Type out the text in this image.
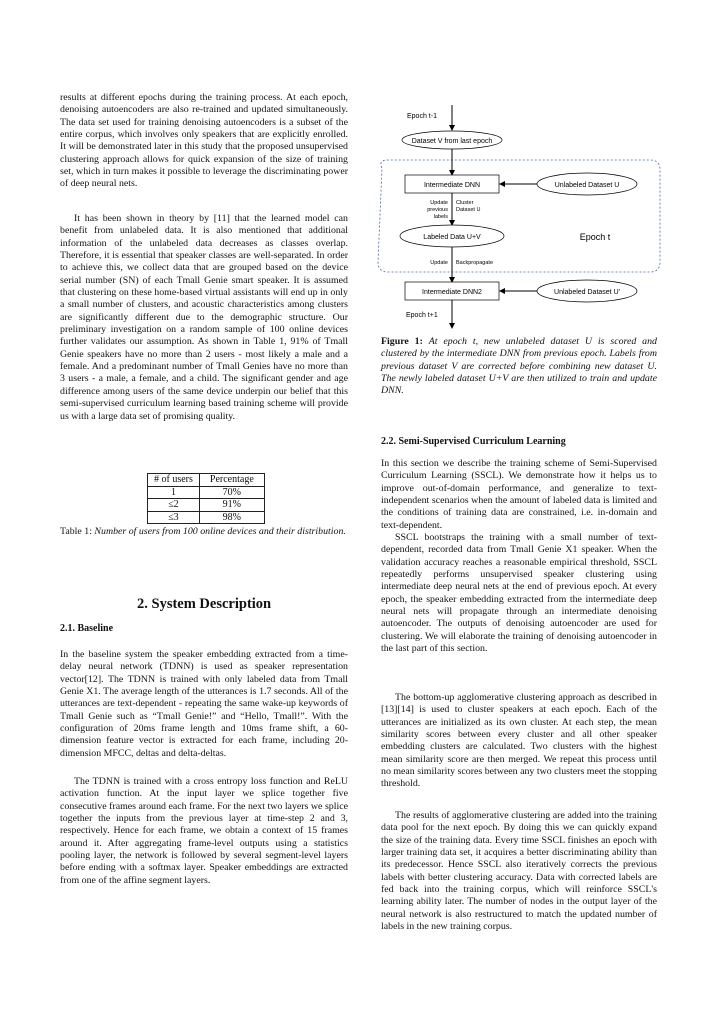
results at different epochs during the training process. At each epoch, denoising autoencoders are also re-trained and updated simultaneously. The data set used for training denoising autoencoders is a subset of the entire corpus, which involves only speakers that are explicitly enrolled. It will be demonstrated later in this study that the proposed unsupervised clustering approach allows for quick expansion of the size of training set, which in turn makes it possible to leverage the discriminating power of deep neural nets.

It has been shown in theory by [11] that the learned model can benefit from unlabeled data. It is also mentioned that additional information of the unlabeled data decreases as classes overlap. Therefore, it is essential that speaker classes are well-separated. In order to achieve this, we collect data that are grouped based on the device serial number (SN) of each Tmall Genie smart speaker. It is assumed that clustering on these home-based virtual assistants will end up in only a small number of clusters, and acoustic characteristics among clusters are significantly different due to the demographic structure. Our preliminary investigation on a random sample of 100 online devices further validates our assumption. As shown in Table 1, 91% of Tmall Genie speakers have no more than 2 users - most likely a male and a female. And a predominant number of Tmall Genies have no more than 3 users - a male, a female, and a child. The significant gender and age difference among users of the same device underpin our belief that this semi-supervised curriculum learning based training scheme will provide us with a large data set of promising quality.

# of users	Percentage
1	70%
≤2	91%
≤3	98%
Table 1: Number of users from 100 online devices and their distribution.
2. System Description
2.1. Baseline

In the baseline system the speaker embedding extracted from a time-delay neural network (TDNN) is used as speaker representation vector[12]. The TDNN is trained with only labeled data from Tmall Genie X1. The average length of the utterances is 1.7 seconds. All of the utterances are text-dependent - repeating the same wake-up keywords of Tmall Genie such as “Tmall Genie!” and “Hello, Tmall!”. With the configuration of 20ms frame length and 10ms frame shift, a 60-dimension feature vector is extracted for each frame, including 20-dimension MFCC, deltas and delta-deltas.

The TDNN is trained with a cross entropy loss function and ReLU activation function. At the input layer we splice together five consecutive frames around each frame. For the next two layers we splice together the inputs from the previous layer at time-step 2 and 3, respectively. Hence for each frame, we obtain a context of 15 frames around it. After aggregating frame-level outputs using a statistics pooling layer, the network is followed by several segment-level layers before ending with a softmax layer. Speaker embeddings are extracted from one of the affine segment layers.

Epoch t-1
Dataset V from last epoch
Intermediate DNN	Unlabeled Dataset U
Update previous labels
Cluster Dataset U
Labeled Data U+V	Epoch t
Update Backpropagate
Intermediate DNN2	Unlabeled Dataset U'
Epoch t+1
Figure 1: At epoch t, new unlabeled dataset U is scored and clustered by the intermediate DNN from previous epoch. Labels from previous dataset V are corrected before combining new dataset U. The newly labeled dataset U+V are then utilized to train and update DNN.
2.2. Semi-Supervised Curriculum Learning

In this section we describe the training scheme of Semi-Supervised Curriculum Learning (SSCL). We demonstrate how it helps us to improve out-of-domain performance, and generalize to text-independent scenarios when the amount of labeled data is limited and the conditions of training data are constrained, i.e. in-domain and text-dependent.

SSCL bootstraps the training with a small number of text-dependent, recorded data from Tmall Genie X1 speaker. When the validation accuracy reaches a reasonable empirical threshold, SSCL repeatedly performs unsupervised speaker clustering using intermediate deep neural nets at the end of previous epoch. At every epoch, the speaker embedding extracted from the intermediate deep neural nets will propagate through an intermediate denoising autoencoder. The outputs of denoising autoencoder are used for clustering. We will elaborate the training of denoising autoencoder in the last part of this section.

The bottom-up agglomerative clustering approach as described in [13][14] is used to cluster speakers at each epoch. Each of the utterances are initialized as its own cluster. At each step, the mean similarity scores between every cluster and all other speaker embedding clusters are calculated. Two clusters with the highest mean similarity score are then merged. We repeat this process until no mean similarity scores between any two clusters meet the stopping threshold.

The results of agglomerative clustering are added into the training data pool for the next epoch. By doing this we can quickly expand the size of the training data. Every time SSCL finishes an epoch with larger training data set, it acquires a better discriminating ability than its predecessor. Hence SSCL also iteratively corrects the previous labels with better clustering accuracy. Data with corrected labels are fed back into the training corpus, which will reinforce SSCL's learning ability later. The number of nodes in the output layer of the neural network is also restructured to match the updated number of labels in the new training corpus.
